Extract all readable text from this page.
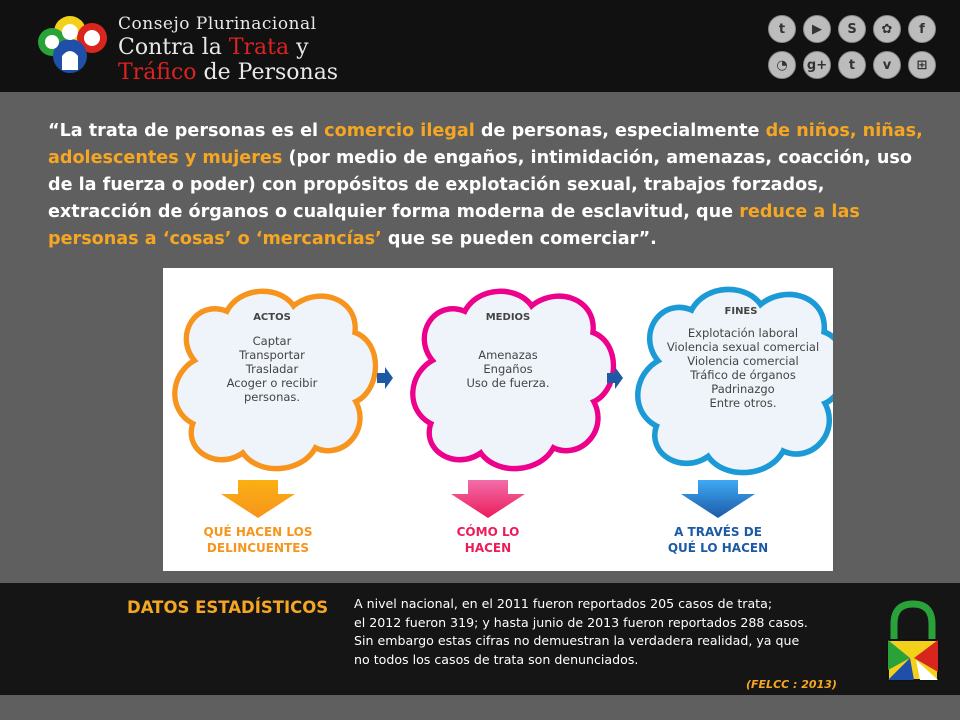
Consejo Plurinacional
Contra la Trata y
Tráfico de Personas
t	▶	S	✿	f
◔	g+	t	v	⊞
“La trata de personas es el comercio ilegal de personas, especialmente de niños, niñas, adolescentes y mujeres (por medio de engaños, intimidación, amenazas, coacción, uso de la fuerza o poder) con propósitos de explotación sexual, trabajos forzados, extracción de órganos o cualquier forma moderna de esclavitud, que reduce a las personas a ‘cosas’ o ‘mercancías’ que se pueden comerciar”.
ACTOS
Captar
Transportar
Trasladar
Acoger o recibir personas.
MEDIOS
Amenazas
Engaños
Uso de fuerza.
FINES
Explotación laboral
Violencia sexual comercial
Violencia comercial
Tráfico de órganos
Padrinazgo
Entre otros.
QUÉ HACEN LOS DELINCUENTES
CÓMO LO HACEN
A TRAVÉS DE QUÉ LO HACEN
DATOS ESTADÍSTICOS A nivel nacional, en el 2011 fueron reportados 205 casos de trata;
el 2012 fueron 319; y hasta junio de 2013 fueron reportados 288 casos.
Sin embargo estas cifras no demuestran la verdadera realidad, ya que
no todos los casos de trata son denunciados.
(FELCC : 2013)
